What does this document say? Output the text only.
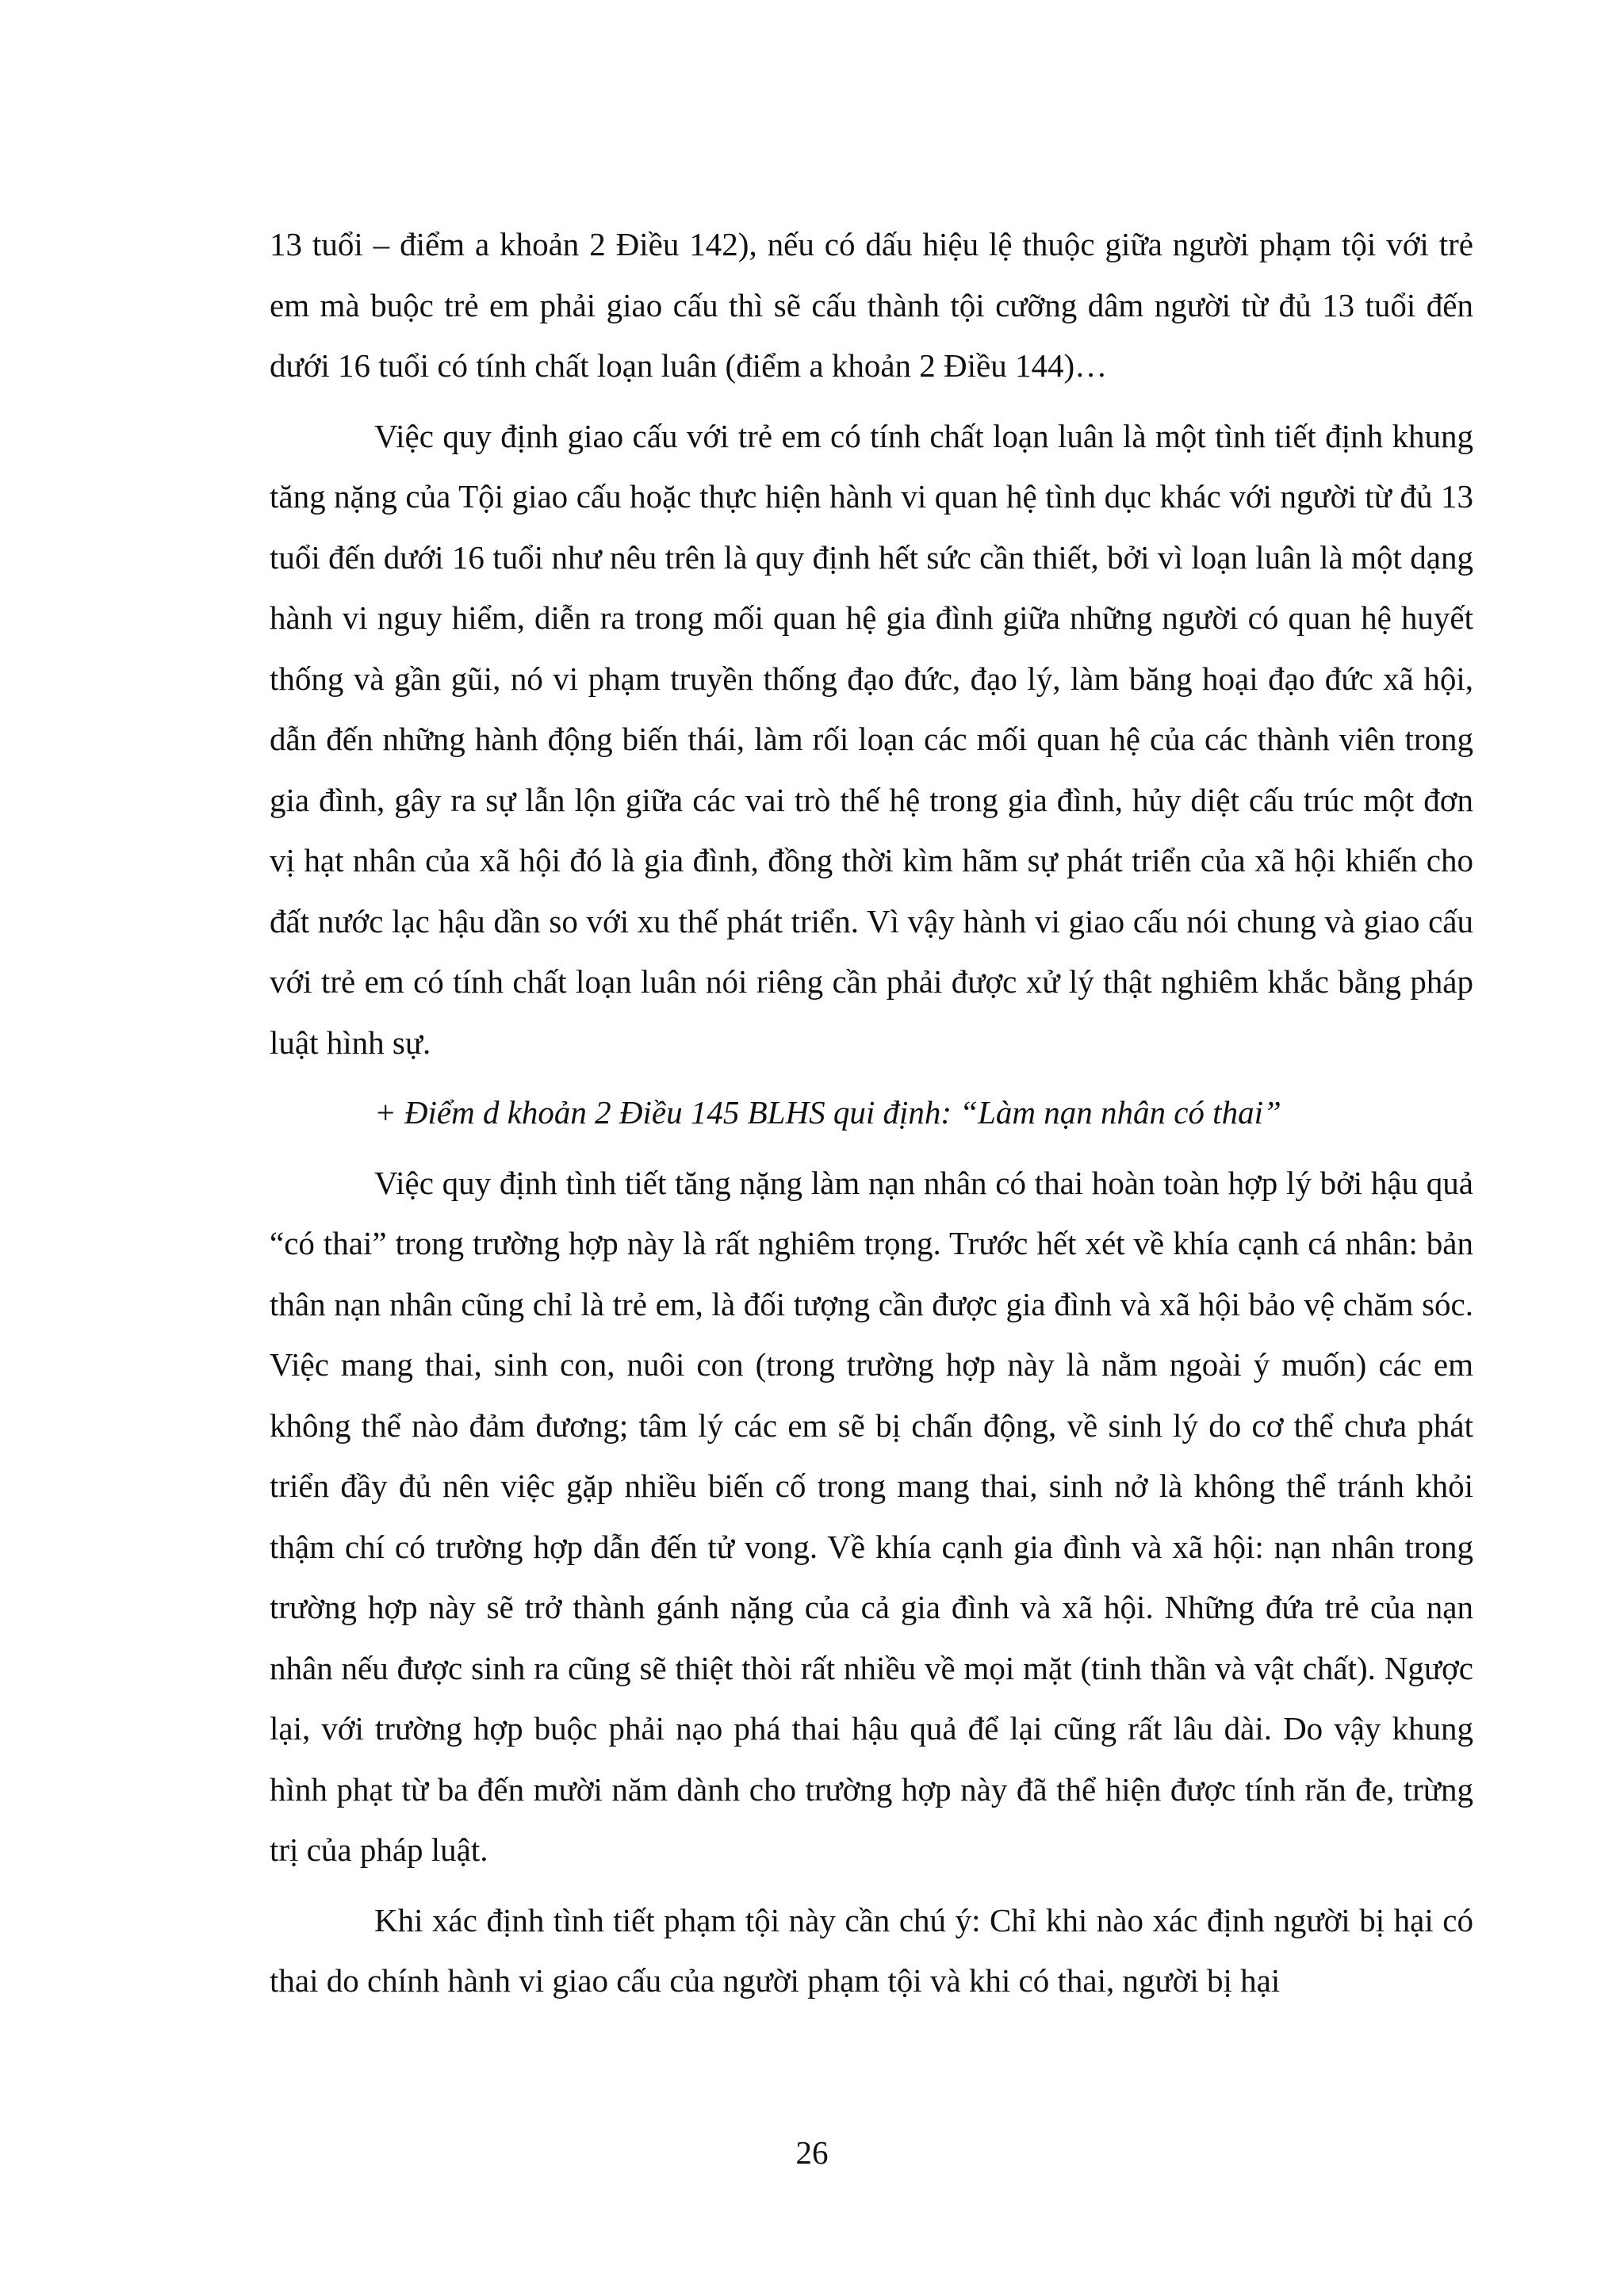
13 tuổi – điểm a khoản 2 Điều 142), nếu có dấu hiệu lệ thuộc giữa người phạm tội với trẻ em mà buộc trẻ em phải giao cấu thì sẽ cấu thành tội cưỡng dâm người từ đủ 13 tuổi đến dưới 16 tuổi có tính chất loạn luân (điểm a khoản 2 Điều 144)…

Việc quy định giao cấu với trẻ em có tính chất loạn luân là một tình tiết định khung tăng nặng của Tội giao cấu hoặc thực hiện hành vi quan hệ tình dục khác với người từ đủ 13 tuổi đến dưới 16 tuổi như nêu trên là quy định hết sức cần thiết, bởi vì loạn luân là một dạng hành vi nguy hiểm, diễn ra trong mối quan hệ gia đình giữa những người có quan hệ huyết thống và gần gũi, nó vi phạm truyền thống đạo đức, đạo lý, làm băng hoại đạo đức xã hội, dẫn đến những hành động biến thái, làm rối loạn các mối quan hệ của các thành viên trong gia đình, gây ra sự lẫn lộn giữa các vai trò thế hệ trong gia đình, hủy diệt cấu trúc một đơn vị hạt nhân của xã hội đó là gia đình, đồng thời kìm hãm sự phát triển của xã hội khiến cho đất nước lạc hậu dần so với xu thế phát triển. Vì vậy hành vi giao cấu nói chung và giao cấu với trẻ em có tính chất loạn luân nói riêng cần phải được xử lý thật nghiêm khắc bằng pháp luật hình sự.

+ Điểm d khoản 2 Điều 145 BLHS qui định: “Làm nạn nhân có thai”

Việc quy định tình tiết tăng nặng làm nạn nhân có thai hoàn toàn hợp lý bởi hậu quả “có thai” trong trường hợp này là rất nghiêm trọng. Trước hết xét về khía cạnh cá nhân: bản thân nạn nhân cũng chỉ là trẻ em, là đối tượng cần được gia đình và xã hội bảo vệ chăm sóc. Việc mang thai, sinh con, nuôi con (trong trường hợp này là nằm ngoài ý muốn) các em không thể nào đảm đương; tâm lý các em sẽ bị chấn động, về sinh lý do cơ thể chưa phát triển đầy đủ nên việc gặp nhiều biến cố trong mang thai, sinh nở là không thể tránh khỏi thậm chí có trường hợp dẫn đến tử vong. Về khía cạnh gia đình và xã hội: nạn nhân trong trường hợp này sẽ trở thành gánh nặng của cả gia đình và xã hội. Những đứa trẻ của nạn nhân nếu được sinh ra cũng sẽ thiệt thòi rất nhiều về mọi mặt (tinh thần và vật chất). Ngược lại, với trường hợp buộc phải nạo phá thai hậu quả để lại cũng rất lâu dài. Do vậy khung hình phạt từ ba đến mười năm dành cho trường hợp này đã thể hiện được tính răn đe, trừng trị của pháp luật.

Khi xác định tình tiết phạm tội này cần chú ý: Chỉ khi nào xác định người bị hại có thai do chính hành vi giao cấu của người phạm tội và khi có thai, người bị hại

26
